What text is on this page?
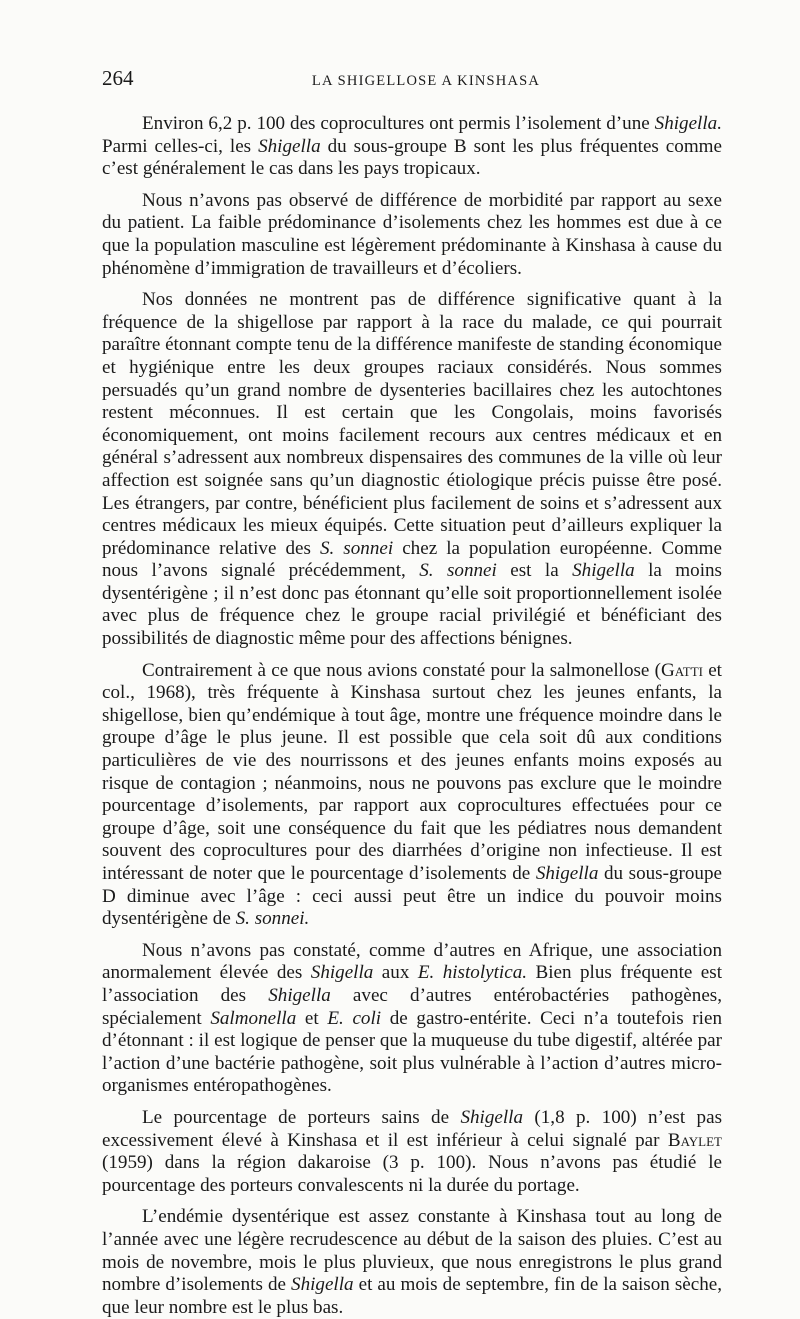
264	LA SHIGELLOSE A KINSHASA

Environ 6,2 p. 100 des coprocultures ont permis l’isolement d’une Shigella. Parmi celles-ci, les Shigella du sous-groupe B sont les plus fréquentes comme c’est généralement le cas dans les pays tropicaux.

Nous n’avons pas observé de différence de morbidité par rapport au sexe du patient. La faible prédominance d’isolements chez les hommes est due à ce que la population masculine est légèrement prédominante à Kinshasa à cause du phénomène d’immigration de travailleurs et d’écoliers.

Nos données ne montrent pas de différence significative quant à la fréquence de la shigellose par rapport à la race du malade, ce qui pourrait paraître étonnant compte tenu de la différence manifeste de standing économique et hygiénique entre les deux groupes raciaux considérés. Nous sommes persuadés qu’un grand nombre de dysenteries bacillaires chez les autochtones restent méconnues. Il est certain que les Congolais, moins favorisés économiquement, ont moins facilement recours aux centres médicaux et en général s’adressent aux nombreux dispensaires des communes de la ville où leur affection est soignée sans qu’un diagnostic étiologique précis puisse être posé. Les étrangers, par contre, bénéficient plus facilement de soins et s’adressent aux centres médicaux les mieux équipés. Cette situation peut d’ailleurs expliquer la prédominance relative des S. sonnei chez la population européenne. Comme nous l’avons signalé précédemment, S. sonnei est la Shigella la moins dysentérigène ; il n’est donc pas étonnant qu’elle soit proportionnellement isolée avec plus de fréquence chez le groupe racial privilégié et bénéficiant des possibilités de diagnostic même pour des affections bénignes.

Contrairement à ce que nous avions constaté pour la salmonellose (Gatti et col., 1968), très fréquente à Kinshasa surtout chez les jeunes enfants, la shigellose, bien qu’endémique à tout âge, montre une fréquence moindre dans le groupe d’âge le plus jeune. Il est possible que cela soit dû aux conditions particulières de vie des nourrissons et des jeunes enfants moins exposés au risque de contagion ; néanmoins, nous ne pouvons pas exclure que le moindre pourcentage d’isolements, par rapport aux coprocultures effectuées pour ce groupe d’âge, soit une conséquence du fait que les pédiatres nous demandent souvent des coprocultures pour des diarrhées d’origine non infectieuse. Il est intéressant de noter que le pourcentage d’isolements de Shigella du sous-groupe D diminue avec l’âge : ceci aussi peut être un indice du pouvoir moins dysentérigène de S. sonnei.

Nous n’avons pas constaté, comme d’autres en Afrique, une association anormalement élevée des Shigella aux E. histolytica. Bien plus fréquente est l’association des Shigella avec d’autres entérobactéries pathogènes, spécialement Salmonella et E. coli de gastro-entérite. Ceci n’a toutefois rien d’étonnant : il est logique de penser que la muqueuse du tube digestif, altérée par l’action d’une bactérie pathogène, soit plus vulnérable à l’action d’autres micro-organismes entéropathogènes.

Le pourcentage de porteurs sains de Shigella (1,8 p. 100) n’est pas excessivement élevé à Kinshasa et il est inférieur à celui signalé par Baylet (1959) dans la région dakaroise (3 p. 100). Nous n’avons pas étudié le pourcentage des porteurs convalescents ni la durée du portage.

L’endémie dysentérique est assez constante à Kinshasa tout au long de l’année avec une légère recrudescence au début de la saison des pluies. C’est au mois de novembre, mois le plus pluvieux, que nous enregistrons le plus grand nombre d’isolements de Shigella et au mois de septembre, fin de la saison sèche, que leur nombre est le plus bas.
